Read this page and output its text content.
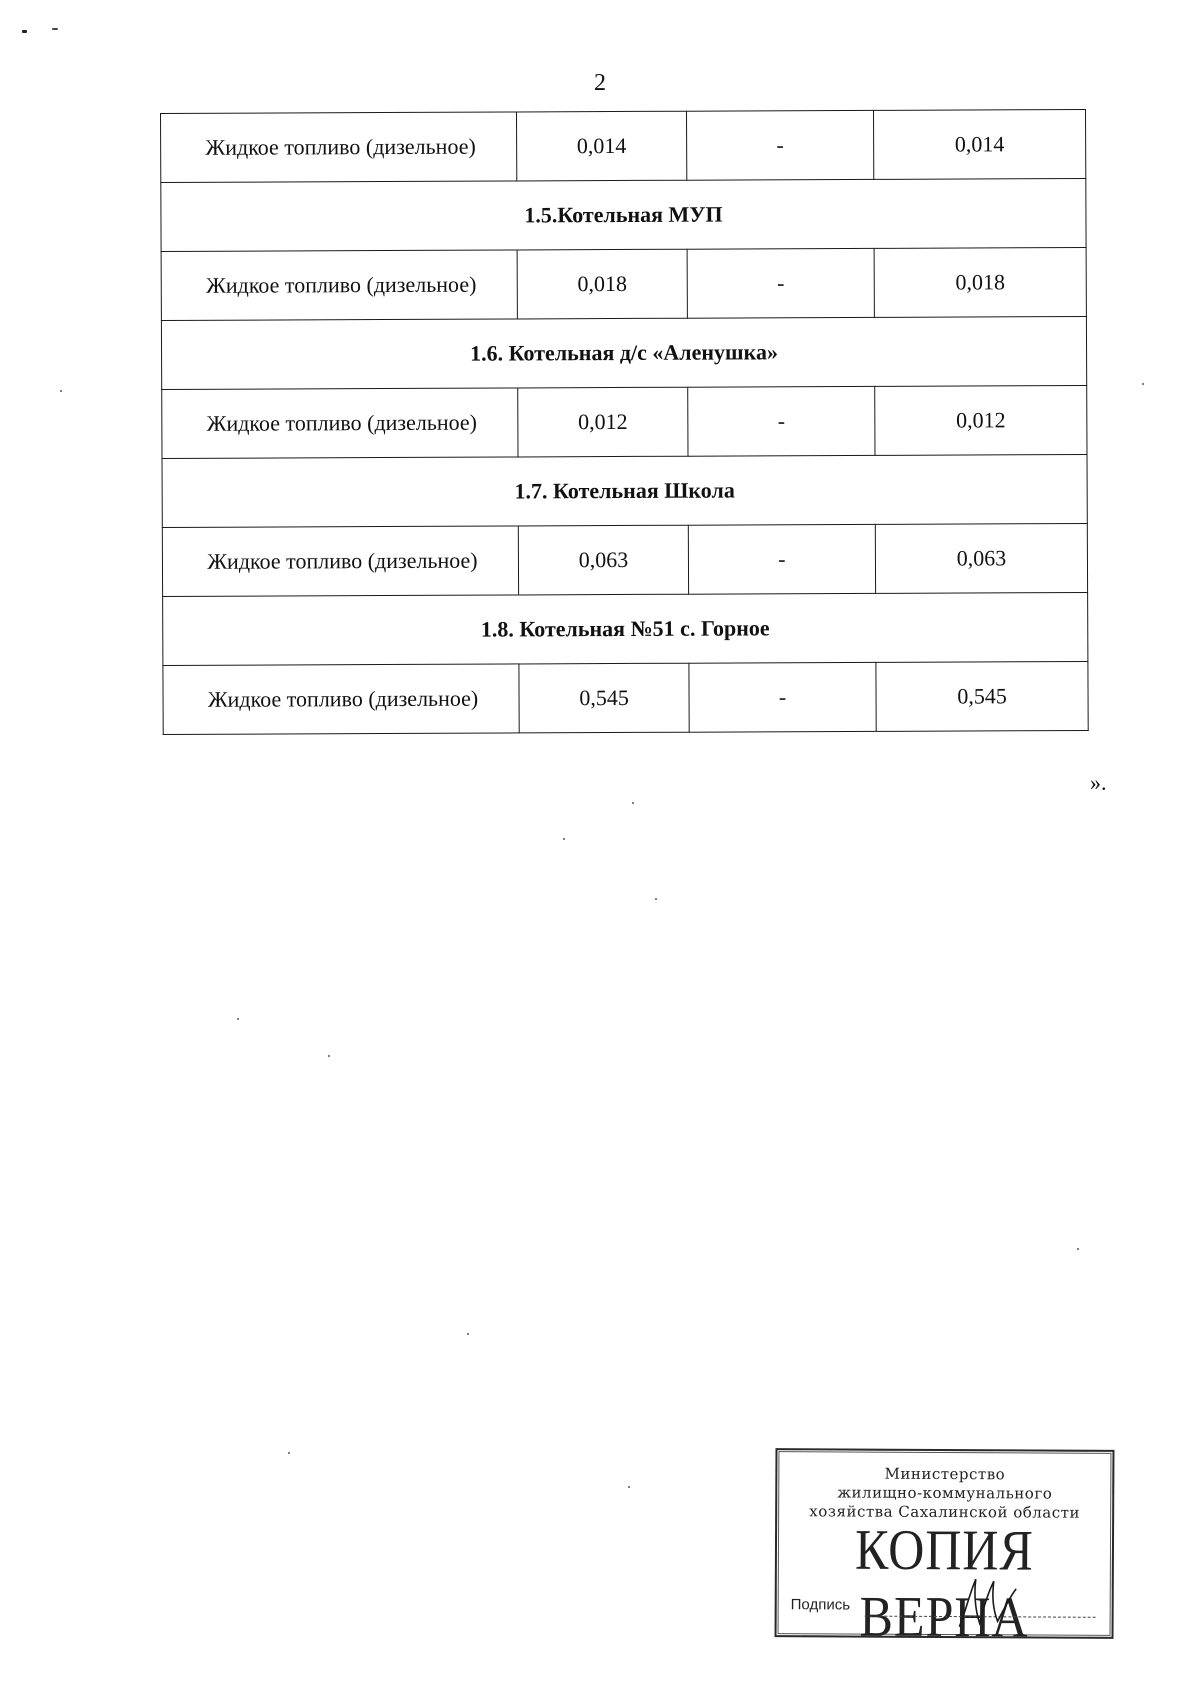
2
Жидкое топливо (дизельное)	0,014	-	0,014
1.5.Котельная МУП			
Жидкое топливо (дизельное)	0,018	-	0,018
1.6. Котельная д/с «Аленушка»			
Жидкое топливо (дизельное)	0,012	-	0,012
1.7. Котельная Школа			
Жидкое топливо (дизельное)	0,063	-	0,063
1.8. Котельная №51 с. Горное			
Жидкое топливо (дизельное)	0,545	-	0,545
».
Министерство
жилищно-коммунального
хозяйства Сахалинской области
КОПИЯ ВЕРНА
Подпись
